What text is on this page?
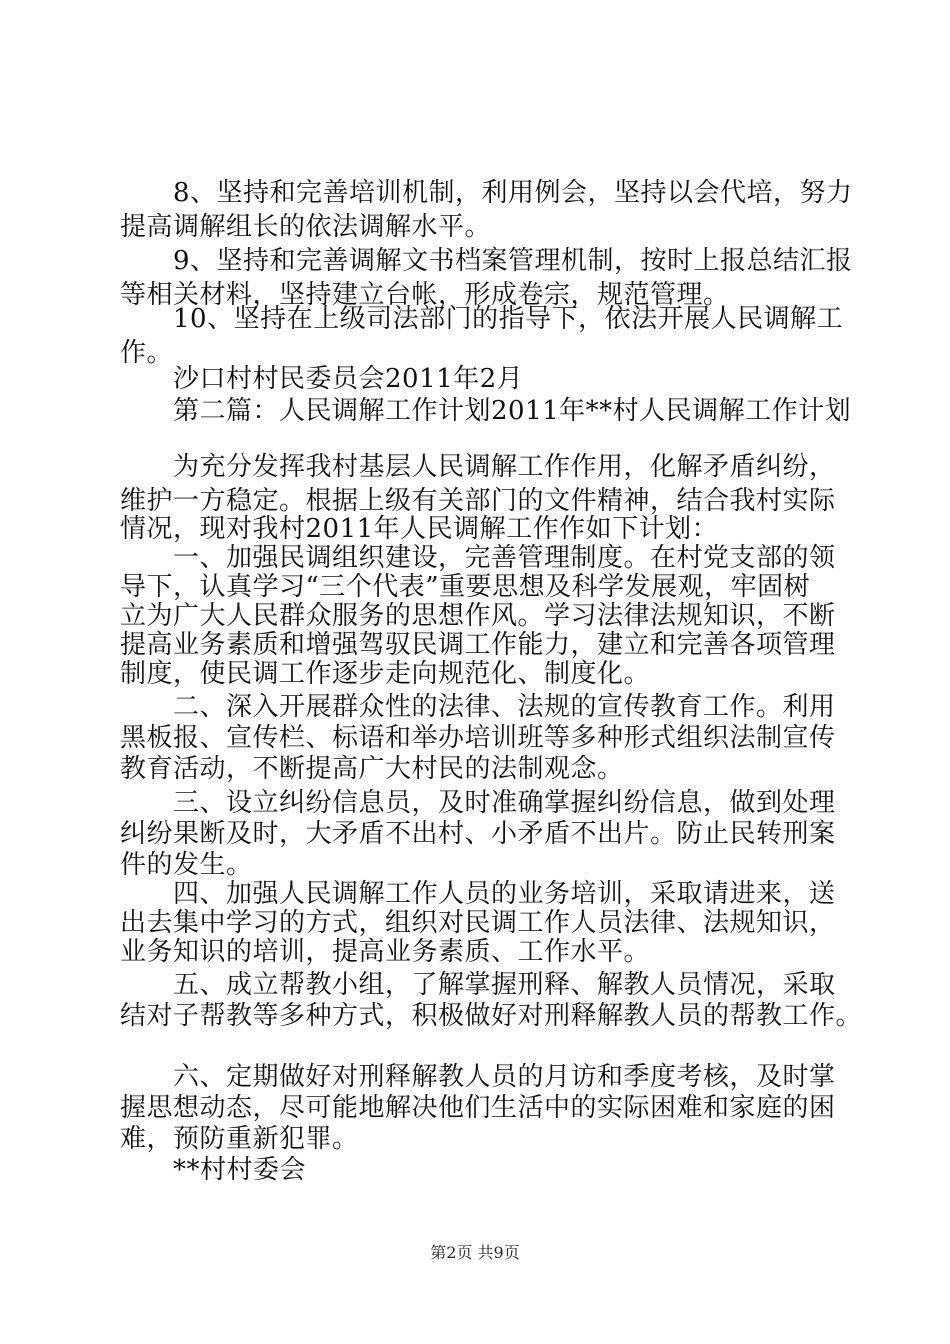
8、坚持和完善培训机制，利用例会，坚持以会代培，努力
提高调解组长的依法调解水平。
9、坚持和完善调解文书档案管理机制，按时上报总结汇报
等相关材料，坚持建立台帐，形成卷宗，规范管理。
10、坚持在上级司法部门的指导下，依法开展人民调解工
作。
沙口村村民委员会2011年2月
第二篇：人民调解工作计划2011年**村人民调解工作计划
为充分发挥我村基层人民调解工作作用，化解矛盾纠纷，
维护一方稳定。根据上级有关部门的文件精神，结合我村实际
情况，现对我村2011年人民调解工作作如下计划：
一、加强民调组织建设，完善管理制度。在村党支部的领
导下，认真学习“三个代表”重要思想及科学发展观，牢固树
立为广大人民群众服务的思想作风。学习法律法规知识，不断
提高业务素质和增强驾驭民调工作能力，建立和完善各项管理
制度，使民调工作逐步走向规范化、制度化。
二、深入开展群众性的法律、法规的宣传教育工作。利用
黑板报、宣传栏、标语和举办培训班等多种形式组织法制宣传
教育活动，不断提高广大村民的法制观念。
三、设立纠纷信息员，及时准确掌握纠纷信息，做到处理
纠纷果断及时，大矛盾不出村、小矛盾不出片。防止民转刑案
件的发生。
四、加强人民调解工作人员的业务培训，采取请进来，送
出去集中学习的方式，组织对民调工作人员法律、法规知识，
业务知识的培训，提高业务素质、工作水平。
五、成立帮教小组，了解掌握刑释、解教人员情况，采取
结对子帮教等多种方式，积极做好对刑释解教人员的帮教工作。
六、定期做好对刑释解教人员的月访和季度考核，及时掌
握思想动态，尽可能地解决他们生活中的实际困难和家庭的困
难，预防重新犯罪。
**村村委会
第2页 共9页
